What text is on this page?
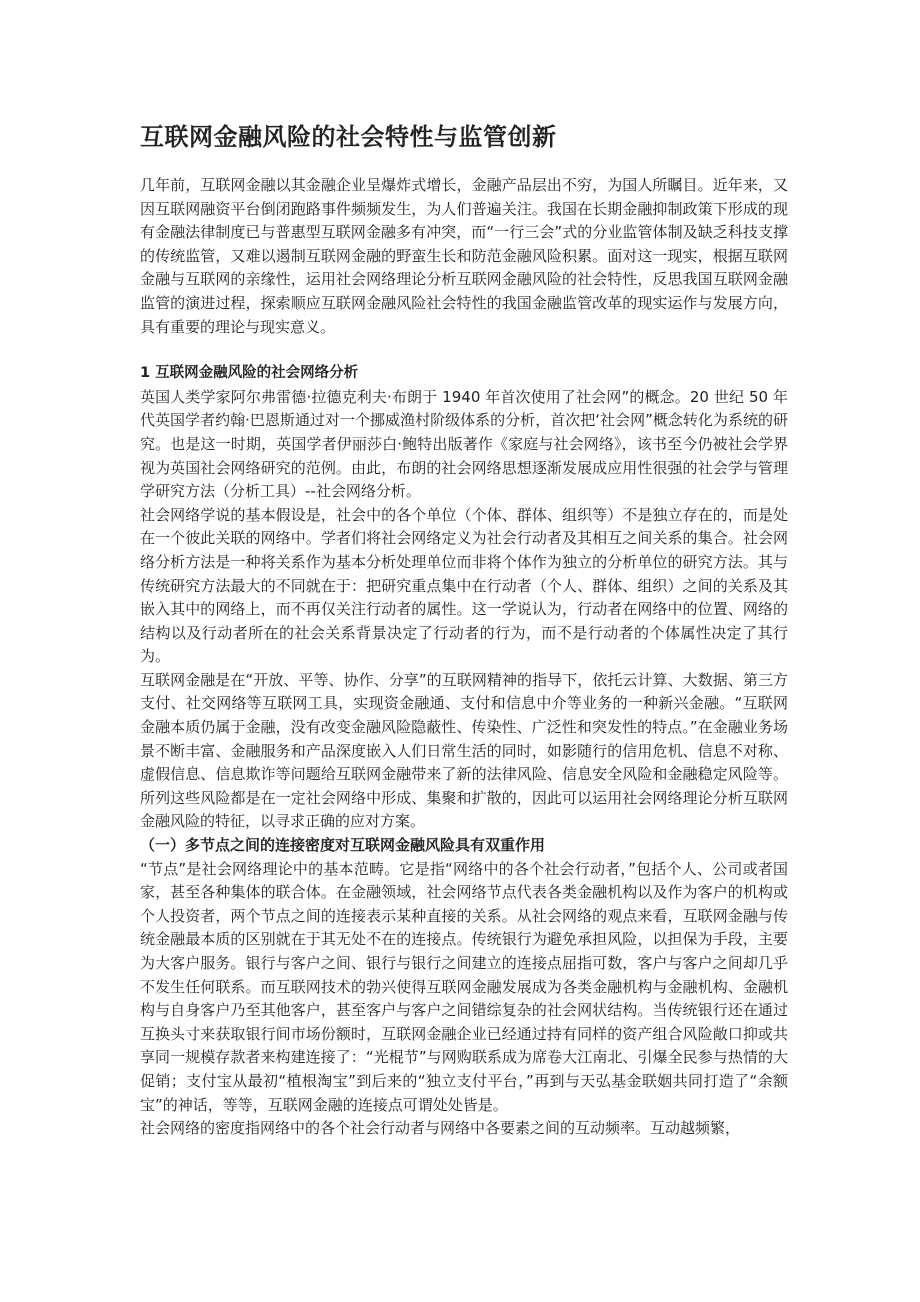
互联网金融风险的社会特性与监管创新

几年前，互联网金融以其金融企业呈爆炸式增长，金融产品层出不穷，为国人所瞩目。近年来，又因互联网融资平台倒闭跑路事件频频发生，为人们普遍关注。我国在长期金融抑制政策下形成的现有金融法律制度已与普惠型互联网金融多有冲突，而“一行三会”式的分业监管体制及缺乏科技支撑的传统监管，又难以遏制互联网金融的野蛮生长和防范金融风险积累。面对这一现实，根据互联网金融与互联网的亲缘性，运用社会网络理论分析互联网金融风险的社会特性，反思我国互联网金融监管的演进过程，探索顺应互联网金融风险社会特性的我国金融监管改革的现实运作与发展方向，具有重要的理论与现实意义。

1 互联网金融风险的社会网络分析

英国人类学家阿尔弗雷德·拉德克利夫·布朗于 1940 年首次使用了社会网”的概念。20 世纪 50 年代英国学者约翰·巴恩斯通过对一个挪威渔村阶级体系的分析，首次把‘社会网”概念转化为系统的研究。也是这一时期，英国学者伊丽莎白·鲍特出版著作《家庭与社会网络》，该书至今仍被社会学界视为英国社会网络研究的范例。由此，布朗的社会网络思想逐渐发展成应用性很强的社会学与管理学研究方法（分析工具）--社会网络分析。

社会网络学说的基本假设是，社会中的各个单位（个体、群体、组织等）不是独立存在的，而是处在一个彼此关联的网络中。学者们将社会网络定义为社会行动者及其相互之间关系的集合。社会网络分析方法是一种将关系作为基本分析处理单位而非将个体作为独立的分析单位的研究方法。其与传统研究方法最大的不同就在于：把研究重点集中在行动者（个人、群体、组织）之间的关系及其嵌入其中的网络上，而不再仅关注行动者的属性。这一学说认为，行动者在网络中的位置、网络的结构以及行动者所在的社会关系背景决定了行动者的行为，而不是行动者的个体属性决定了其行为。

互联网金融是在“开放、平等、协作、分享”的互联网精神的指导下，依托云计算、大数据、第三方支付、社交网络等互联网工具，实现资金融通、支付和信息中介等业务的一种新兴金融。“互联网金融本质仍属于金融，没有改变金融风险隐蔽性、传染性、广泛性和突发性的特点。”在金融业务场景不断丰富、金融服务和产品深度嵌入人们日常生活的同时，如影随行的信用危机、信息不对称、虚假信息、信息欺诈等问题给互联网金融带来了新的法律风险、信息安全风险和金融稳定风险等。所列这些风险都是在一定社会网络中形成、集聚和扩散的，因此可以运用社会网络理论分析互联网金融风险的特征，以寻求正确的应对方案。

（一）多节点之间的连接密度对互联网金融风险具有双重作用

“节点”是社会网络理论中的基本范畴。它是指“网络中的各个社会行动者，”包括个人、公司或者国家，甚至各种集体的联合体。在金融领域，社会网络节点代表各类金融机构以及作为客户的机构或个人投资者，两个节点之间的连接表示某种直接的关系。从社会网络的观点来看，互联网金融与传统金融最本质的区别就在于其无处不在的连接点。传统银行为避免承担风险，以担保为手段，主要为大客户服务。银行与客户之间、银行与银行之间建立的连接点屈指可数，客户与客户之间却几乎不发生任何联系。而互联网技术的勃兴使得互联网金融发展成为各类金融机构与金融机构、金融机构与自身客户乃至其他客户，甚至客户与客户之间错综复杂的社会网状结构。当传统银行还在通过互换头寸来获取银行间市场份额时，互联网金融企业已经通过持有同样的资产组合风险敞口抑或共享同一规模存款者来构建连接了：“光棍节”与网购联系成为席卷大江南北、引爆全民参与热情的大促销；支付宝从最初“植根淘宝”到后来的“独立支付平台，”再到与天弘基金联姻共同打造了“余额宝”的神话，等等，互联网金融的连接点可谓处处皆是。

社会网络的密度指网络中的各个社会行动者与网络中各要素之间的互动频率。互动越频繁，
